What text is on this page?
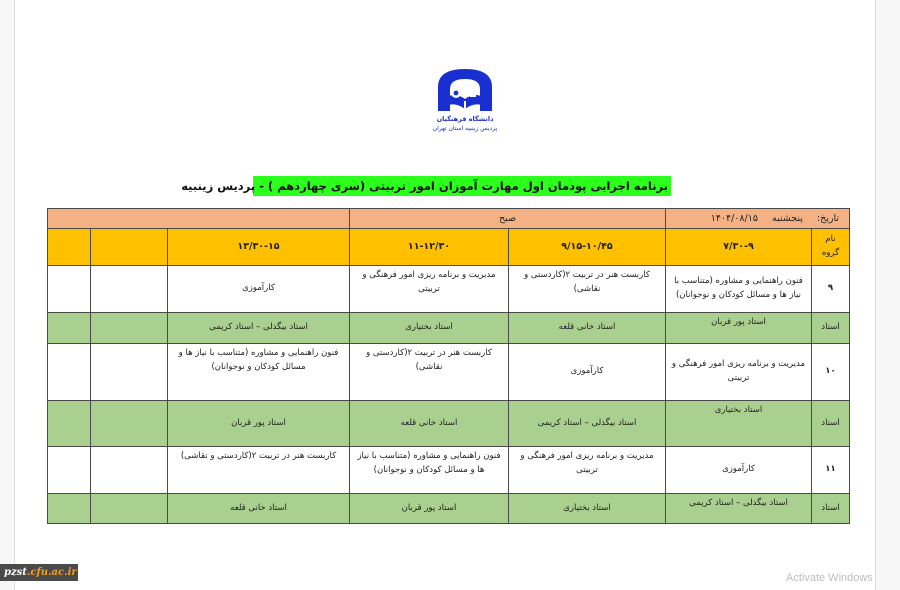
دانشگاه فرهنگیان
پردیس زینبیه استان تهران
برنامه اجرایی پودمان اول مهارت آموزان امور تربیتی (سری چهاردهم ) - پردیس زینبیه
تاریخ:پنجشنبه۱۴۰۴/۰۸/۱۵		صبح				
نام گروه	۷/۳۰-۹	۹/۱۵-۱۰/۴۵	۱۱-۱۲/۳۰	۱۳/۳۰-۱۵		
۹	فنون راهنمایی و مشاوره (متناسب با نیاز ها و مسائل کودکان و نوجوانان)	کاربست هنر در تربیت ۲(کاردستی و نقاشی)	مدیریت و برنامه ریزی امور فرهنگی و تربیتی	کارآموزی		
استاد	استاد پور قربان	استاد خانی قلعه	استاد بختیاری	استاد بیگدلی – استاد کریمی		
۱۰	مدیریت و برنامه ریزی امور فرهنگی و تربیتی	کارآموزی	کاربست هنر در تربیت ۲(کاردستی و نقاشی)	فنون راهنمایی و مشاوره (متناسب با نیاز ها و مسائل کودکان و نوجوانان)		
استاد	استاد بختیاری	استاد بیگدلی – استاد کریمی	استاد خانی قلعه	استاد پور قربان		
۱۱	کارآموزی	مدیریت و برنامه ریزی امور فرهنگی و تربیتی	فنون راهنمایی و مشاوره (متناسب با نیاز ها و مسائل کودکان و نوجوانان)	کاربست هنر در تربیت ۲(کاردستی و نقاشی)		
استاد	استاد بیگدلی – استاد کریمی	استاد بختیاری	استاد پور قربان	استاد خانی قلعه		
pzst.cfu.ac.ir	Activate Windows
